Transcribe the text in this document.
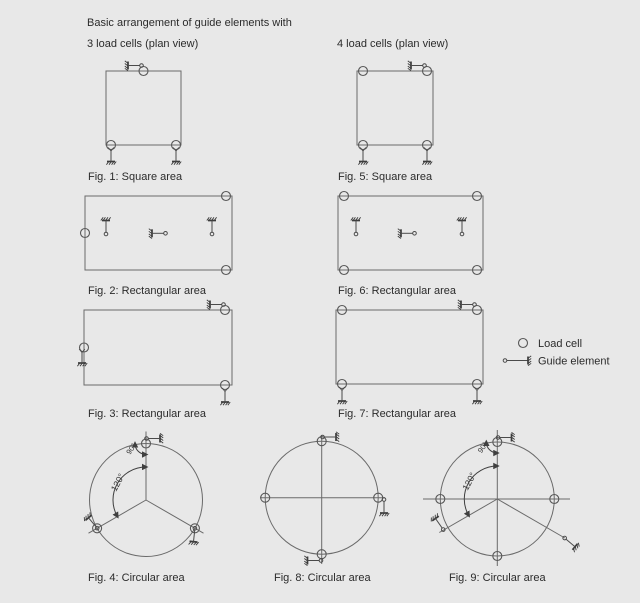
Basic arrangement of guide elements with
3 load cells (plan view)	4 load cells (plan view)
Fig. 1: Square area	Fig. 5: Square area
Fig. 2: Rectangular area	Fig. 6: Rectangular area
Fig. 3: Rectangular area	Fig. 7: Rectangular area
Load cell
Guide element
120°
90°
Fig. 4: Circular area	Fig. 8: Circular area
120°
90°
Fig. 9: Circular area
